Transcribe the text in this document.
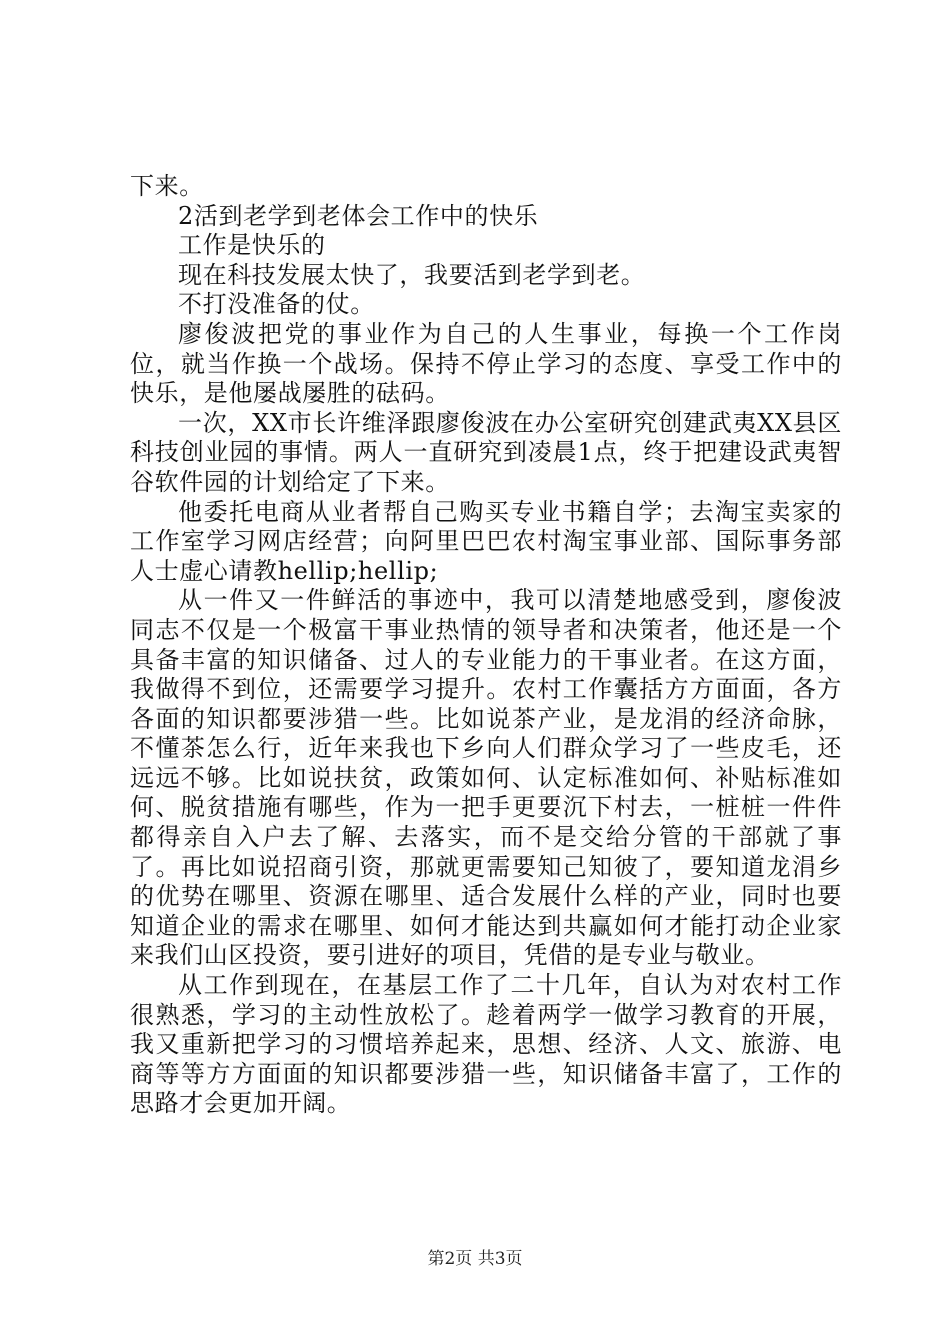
下来。

2活到老学到老体会工作中的快乐

工作是快乐的

现在科技发展太快了，我要活到老学到老。

不打没准备的仗。

廖俊波把党的事业作为自己的人生事业，每换一个工作岗位，就当作换一个战场。保持不停止学习的态度、享受工作中的快乐，是他屡战屡胜的砝码。

一次，XX市长许维泽跟廖俊波在办公室研究创建武夷XX县区科技创业园的事情。两人一直研究到凌晨1点，终于把建设武夷智谷软件园的计划给定了下来。

他委托电商从业者帮自己购买专业书籍自学；去淘宝卖家的工作室学习网店经营；向阿里巴巴农村淘宝事业部、国际事务部人士虚心请教hellip;hellip;

从一件又一件鲜活的事迹中，我可以清楚地感受到，廖俊波同志不仅是一个极富干事业热情的领导者和决策者，他还是一个具备丰富的知识储备、过人的专业能力的干事业者。在这方面，我做得不到位，还需要学习提升。农村工作囊括方方面面，各方各面的知识都要涉猎一些。比如说茶产业，是龙涓的经济命脉，不懂茶怎么行，近年来我也下乡向人们群众学习了一些皮毛，还远远不够。比如说扶贫，政策如何、认定标准如何、补贴标准如何、脱贫措施有哪些，作为一把手更要沉下村去，一桩桩一件件都得亲自入户去了解、去落实，而不是交给分管的干部就了事了。再比如说招商引资，那就更需要知己知彼了，要知道龙涓乡的优势在哪里、资源在哪里、适合发展什么样的产业，同时也要知道企业的需求在哪里、如何才能达到共赢如何才能打动企业家来我们山区投资，要引进好的项目，凭借的是专业与敬业。

从工作到现在，在基层工作了二十几年，自认为对农村工作很熟悉，学习的主动性放松了。趁着两学一做学习教育的开展，我又重新把学习的习惯培养起来，思想、经济、人文、旅游、电商等等方方面面的知识都要涉猎一些，知识储备丰富了，工作的思路才会更加开阔。

第2页 共3页
